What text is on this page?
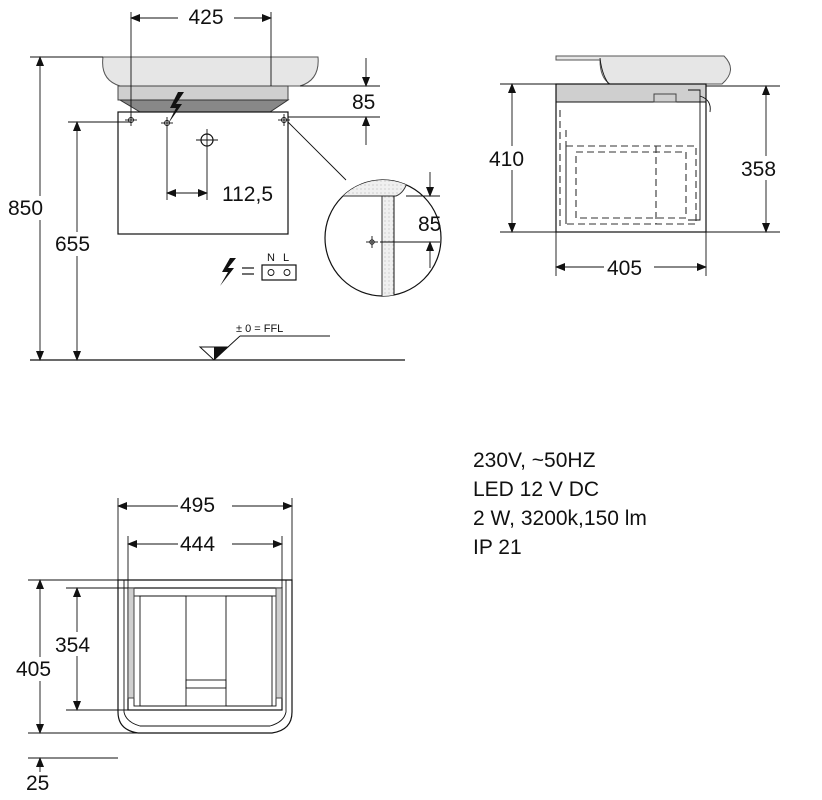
425
85
850
655
112,5
N L
± 0 = FFL
85
410	358
405
495
444
405
354
25
230V, ~50HZ
LED 12 V DC
2 W, 3200k,150 lm
IP 21
